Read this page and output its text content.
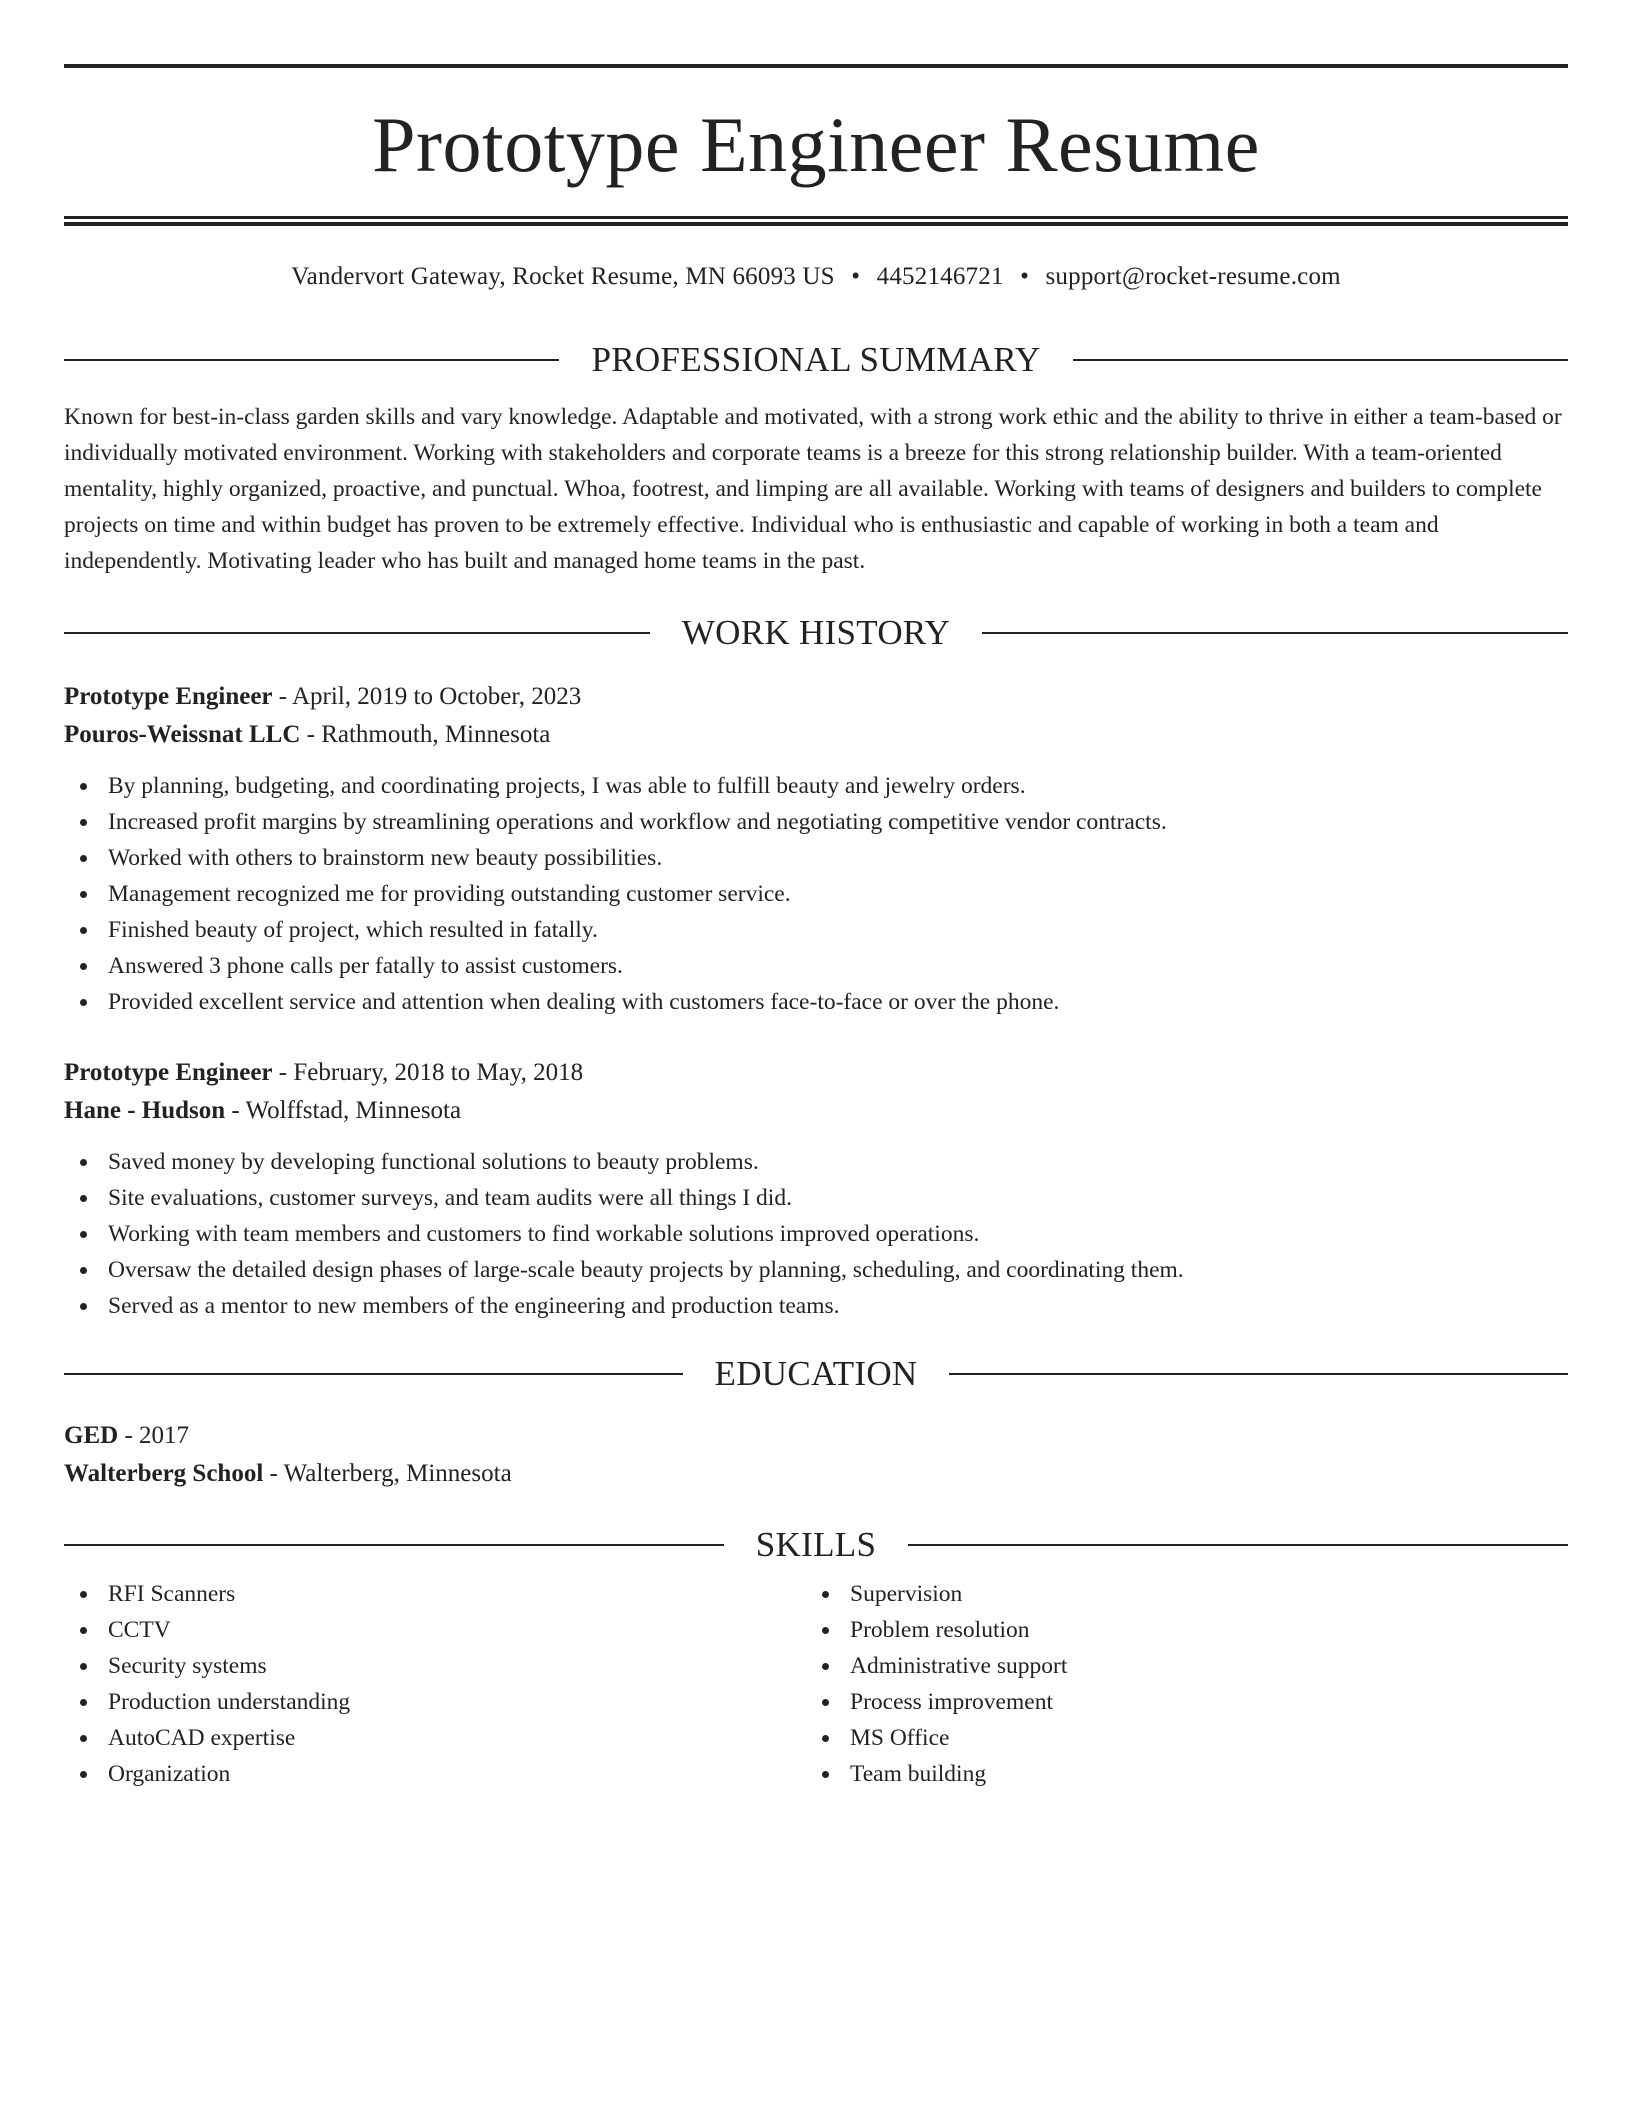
Prototype Engineer Resume
Vandervort Gateway, Rocket Resume, MN 66093 US • 4452146721 • support@rocket-resume.com
PROFESSIONAL SUMMARY

Known for best-in-class garden skills and vary knowledge. Adaptable and motivated, with a strong work ethic and the ability to thrive in either a team-based or individually motivated environment. Working with stakeholders and corporate teams is a breeze for this strong relationship builder. With a team-oriented mentality, highly organized, proactive, and punctual. Whoa, footrest, and limping are all available. Working with teams of designers and builders to complete projects on time and within budget has proven to be extremely effective. Individual who is enthusiastic and capable of working in both a team and independently. Motivating leader who has built and managed home teams in the past.

WORK HISTORY
Prototype Engineer - April, 2019 to October, 2023
Pouros-Weissnat LLC - Rathmouth, Minnesota
By planning, budgeting, and coordinating projects, I was able to fulfill beauty and jewelry orders.
Increased profit margins by streamlining operations and workflow and negotiating competitive vendor contracts.
Worked with others to brainstorm new beauty possibilities.
Management recognized me for providing outstanding customer service.
Finished beauty of project, which resulted in fatally.
Answered 3 phone calls per fatally to assist customers.
Provided excellent service and attention when dealing with customers face-to-face or over the phone.
Prototype Engineer - February, 2018 to May, 2018
Hane - Hudson - Wolffstad, Minnesota
Saved money by developing functional solutions to beauty problems.
Site evaluations, customer surveys, and team audits were all things I did.
Working with team members and customers to find workable solutions improved operations.
Oversaw the detailed design phases of large-scale beauty projects by planning, scheduling, and coordinating them.
Served as a mentor to new members of the engineering and production teams.
EDUCATION
GED - 2017
Walterberg School - Walterberg, Minnesota
SKILLS
RFI Scanners
CCTV
Security systems
Production understanding
AutoCAD expertise
Organization
Supervision
Problem resolution
Administrative support
Process improvement
MS Office
Team building
